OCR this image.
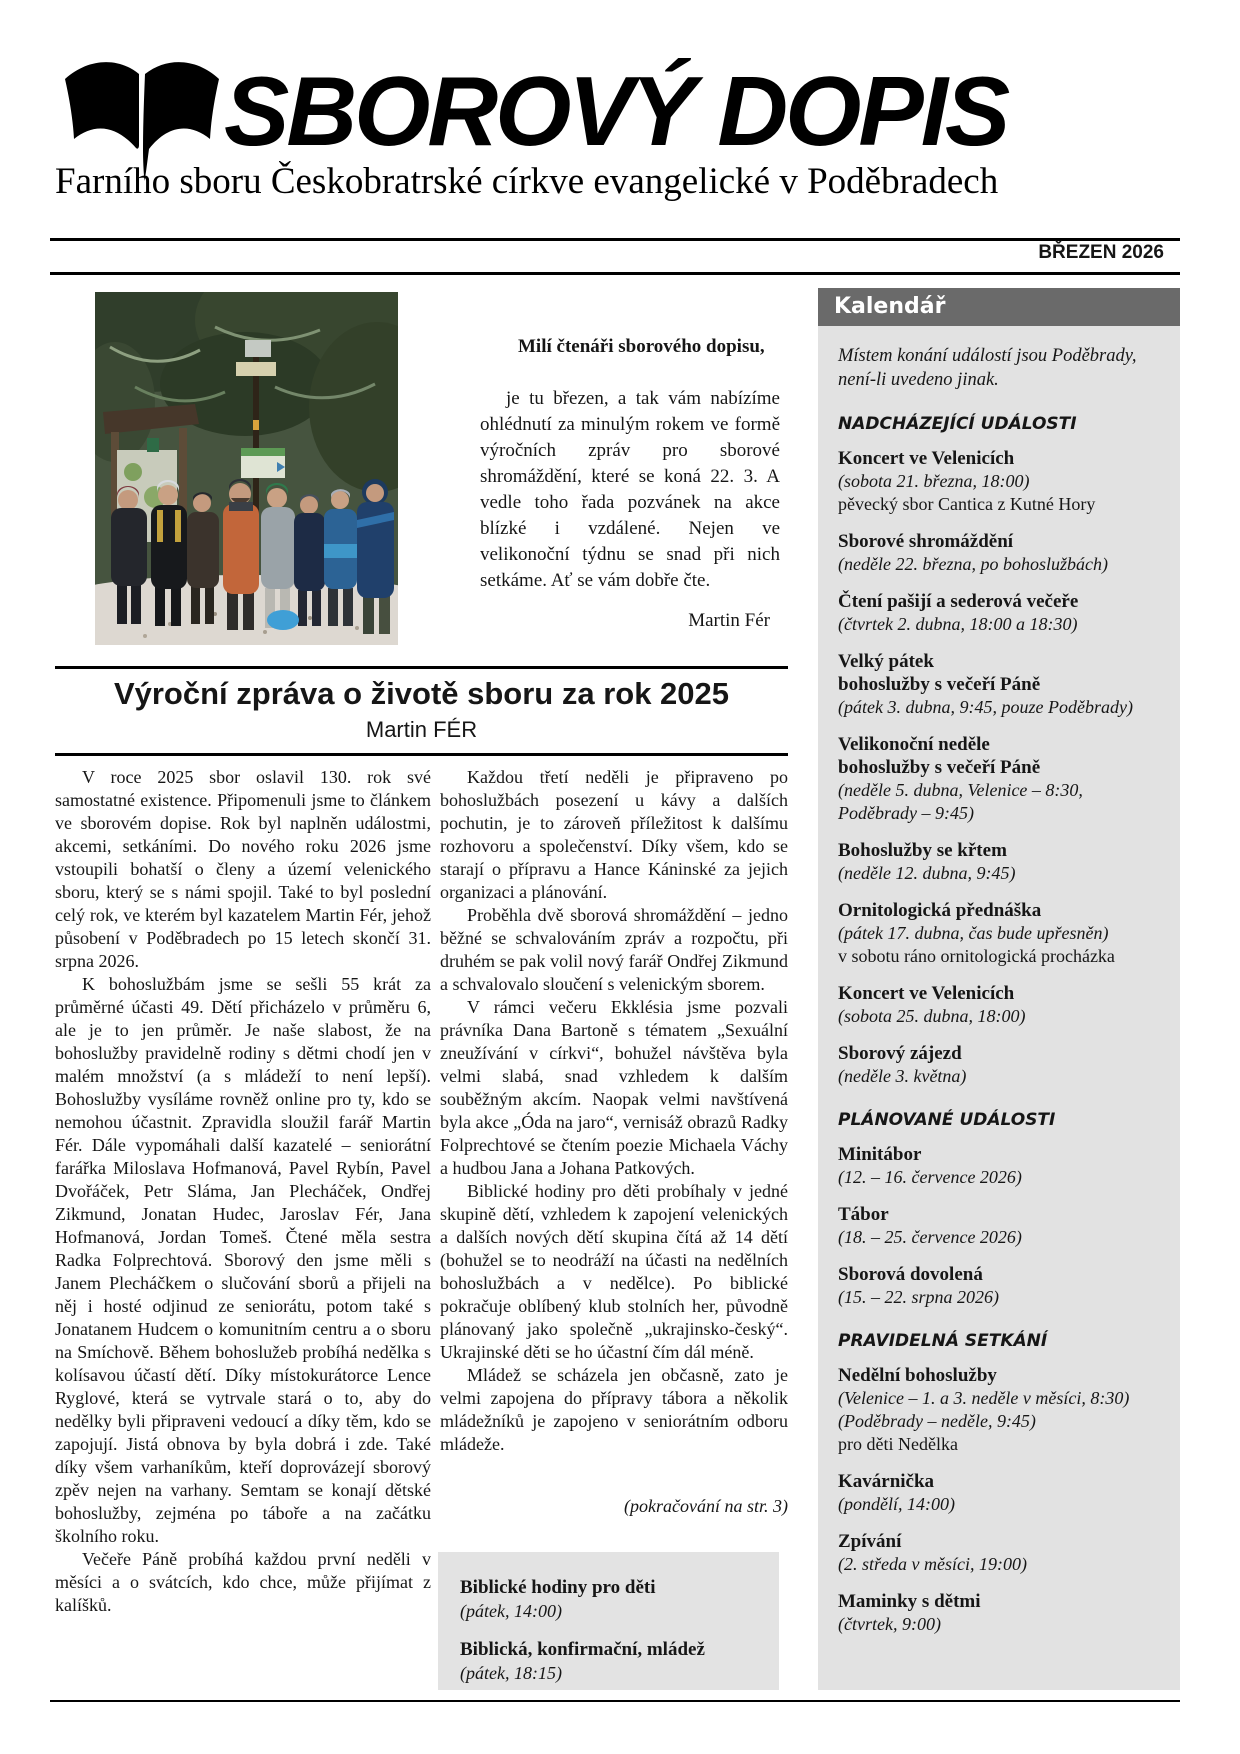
SBOROVÝ DOPIS
Farního sboru Českobratrské církve evangelické v Poděbradech
BŘEZEN 2026
Milí čtenáři sborového dopisu,
je tu březen, a tak vám nabízíme ohlédnutí za minulým rokem ve formě výročních zpráv pro sborové shromáždění, které se koná 22. 3. A vedle toho řada pozvánek na akce blízké i vzdálené. Nejen ve velikonoční týdnu se snad při nich setkáme. Ať se vám dobře čte.
Martin Fér
Výroční zpráva o životě sboru za rok 2025
Martin FÉR

V roce 2025 sbor oslavil 130. rok své samostatné existence. Připomenuli jsme to článkem ve sborovém dopise. Rok byl naplněn událostmi, akcemi, setkáními. Do nového roku 2026 jsme vstoupili bohatší o členy a území velenického sboru, který se s námi spojil. Také to byl poslední celý rok, ve kterém byl kazatelem Martin Fér, jehož působení v Poděbradech po 15 letech skončí 31. srpna 2026.

K bohoslužbám jsme se sešli 55 krát za průměrné účasti 49. Dětí přicházelo v průměru 6, ale je to jen průměr. Je naše slabost, že na bohoslužby pravidelně rodiny s dětmi chodí jen v malém množství (a s mládeží to není lepší). Bohoslužby vysíláme rovněž online pro ty, kdo se nemohou účastnit. Zpravidla sloužil farář Martin Fér. Dále vypomáhali další kazatelé – seniorátní farářka Miloslava Hofmanová, Pavel Rybín, Pavel Dvořáček, Petr Sláma, Jan Plecháček, Ondřej Zikmund, Jonatan Hudec, Jaroslav Fér, Jana Hofmanová, Jordan Tomeš. Čtené měla sestra Radka Folprechtová. Sborový den jsme měli s Janem Plecháčkem o slučování sborů a přijeli na něj i hosté odjinud ze seniorátu, potom také s Jonatanem Hudcem o komunitním centru a o sboru na Smíchově. Během bohoslužeb probíhá nedělka s kolísavou účastí dětí. Díky místokurátorce Lence Ryglové, která se vytrvale stará o to, aby do nedělky byli připraveni vedoucí a díky těm, kdo se zapojují. Jistá obnova by byla dobrá i zde. Také díky všem varhaníkům, kteří doprovázejí sborový zpěv nejen na varhany. Semtam se konají dětské bohoslužby, zejména po táboře a na začátku školního roku.

Večeře Páně probíhá každou první neděli v měsíci a o svátcích, kdo chce, může přijímat z kalíšků.

Každou třetí neděli je připraveno po bohoslužbách posezení u kávy a dalších pochutin, je to zároveň příležitost k dalšímu rozhovoru a společenství. Díky všem, kdo se starají o přípravu a Hance Káninské za jejich organizaci a plánování.

Proběhla dvě sborová shromáždění – jedno běžné se schvalováním zpráv a rozpočtu, při druhém se pak volil nový farář Ondřej Zikmund a schvalovalo sloučení s velenickým sborem.

V rámci večeru Ekklésia jsme pozvali právníka Dana Bartoně s tématem „Sexuální zneužívání v církvi“, bohužel návštěva byla velmi slabá, snad vzhledem k dalším souběžným akcím. Naopak velmi navštívená byla akce „Óda na jaro“, vernisáž obrazů Radky Folprechtové se čtením poezie Michaela Váchy a hudbou Jana a Johana Patkových.

Biblické hodiny pro děti probíhaly v jedné skupině dětí, vzhledem k zapojení velenických a dalších nových dětí skupina čítá až 14 dětí (bohužel se to neodráží na účasti na nedělních bohoslužbách a v nedělce). Po biblické pokračuje oblíbený klub stolních her, původně plánovaný jako společně „ukrajinsko-český“. Ukrajinské děti se ho účastní čím dál méně.

Mládež se scházela jen občasně, zato je velmi zapojena do přípravy tábora a několik mládežníků je zapojeno v seniorátním odboru mládeže.

(pokračování na str. 3)

Biblické hodiny pro děti
(pátek, 14:00)
Biblická, konfirmační, mládež
(pátek, 18:15)
Kalendář
Místem konání událostí jsou Poděbrady, není-li uvedeno jinak.
NADCHÁZEJÍCÍ UDÁLOSTI
Koncert ve Velenicích
(sobota 21. března, 18:00)
pěvecký sbor Cantica z Kutné Hory
Sborové shromáždění
(neděle 22. března, po bohoslužbách)
Čtení pašijí a sederová večeře
(čtvrtek 2. dubna, 18:00 a 18:30)
Velký pátek
bohoslužby s večeří Páně
(pátek 3. dubna, 9:45, pouze Poděbrady)
Velikonoční neděle
bohoslužby s večeří Páně
(neděle 5. dubna, Velenice – 8:30,
Poděbrady – 9:45)
Bohoslužby se křtem
(neděle 12. dubna, 9:45)
Ornitologická přednáška
(pátek 17. dubna, čas bude upřesněn)
v sobotu ráno ornitologická procházka
Koncert ve Velenicích
(sobota 25. dubna, 18:00)
Sborový zájezd
(neděle 3. května)
PLÁNOVANÉ UDÁLOSTI
Minitábor
(12. – 16. července 2026)
Tábor
(18. – 25. července 2026)
Sborová dovolená
(15. – 22. srpna 2026)
PRAVIDELNÁ SETKÁNÍ
Nedělní bohoslužby
(Velenice – 1. a 3. neděle v měsíci, 8:30)
(Poděbrady – neděle, 9:45)
pro děti Nedělka
Kavárnička
(pondělí, 14:00)
Zpívání
(2. středa v měsíci, 19:00)
Maminky s dětmi
(čtvrtek, 9:00)
